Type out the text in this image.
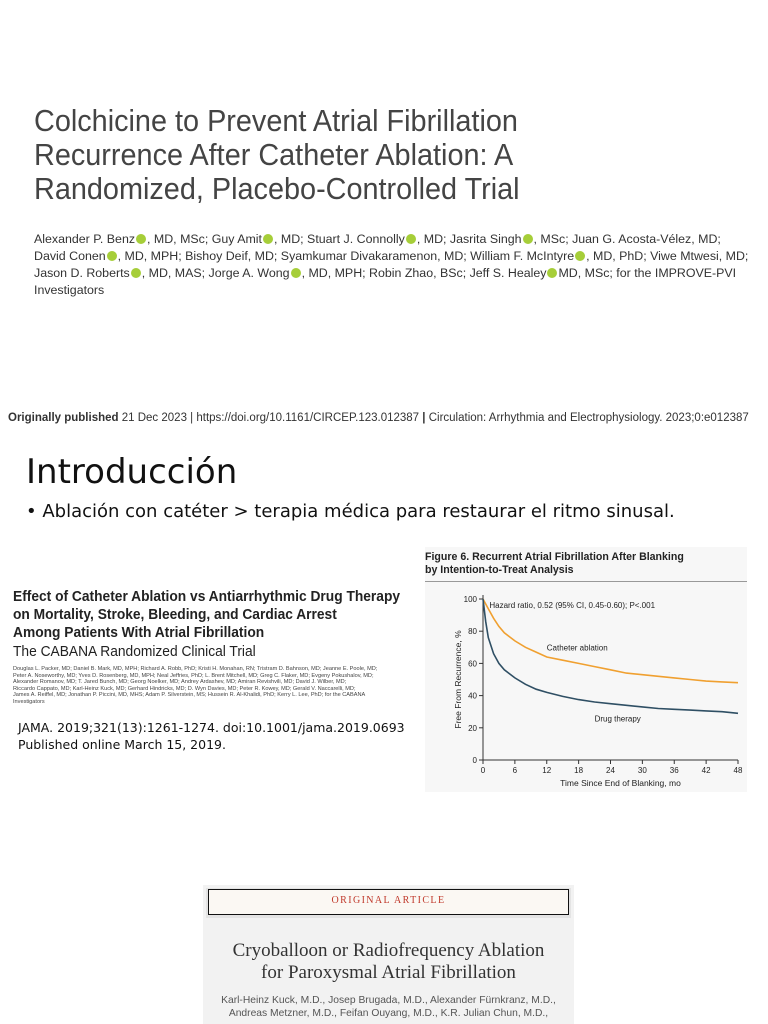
Colchicine to Prevent Atrial Fibrillation
Recurrence After Catheter Ablation: A
Randomized, Placebo-Controlled Trial
Alexander P. Benz , MD, MSc; Guy Amit , MD; Stuart J. Connolly , MD; Jasrita Singh , MSc; Juan G. Acosta-Vélez, MD;
David Conen , MD, MPH; Bishoy Deif, MD; Syamkumar Divakaramenon, MD; William F. McIntyre , MD, PhD; Viwe Mtwesi, MD;
Jason D. Roberts , MD, MAS; Jorge A. Wong , MD, MPH; Robin Zhao, BSc; Jeff S. Healey MD, MSc; for the IMPROVE-PVI
Investigators
Originally published 21 Dec 2023 | https://doi.org/10.1161/CIRCEP.123.012387 | Circulation: Arrhythmia and Electrophysiology. 2023;0:e012387
Introducción
• Ablación con catéter > terapia médica para restaurar el ritmo sinusal.
Effect of Catheter Ablation vs Antiarrhythmic Drug Therapy
on Mortality, Stroke, Bleeding, and Cardiac Arrest
Among Patients With Atrial Fibrillation
The CABANA Randomized Clinical Trial
Douglas L. Packer, MD; Daniel B. Mark, MD, MPH; Richard A. Robb, PhD; Kristi H. Monahan, RN; Tristram D. Bahnson, MD; Jeanne E. Poole, MD;
Peter A. Noseworthy, MD; Yves D. Rosenberg, MD, MPH; Neal Jeffries, PhD; L. Brent Mitchell, MD; Greg C. Flaker, MD; Evgeny Pokushalov, MD;
Alexander Romanov, MD; T. Jared Bunch, MD; Georg Noelker, MD; Andrey Ardashev, MD; Amiran Revishvili, MD; David J. Wilber, MD;
Riccardo Cappato, MD; Karl-Heinz Kuck, MD; Gerhard Hindricks, MD; D. Wyn Davies, MD; Peter R. Kowey, MD; Gerald V. Naccarelli, MD;
James A. Reiffel, MD; Jonathan P. Piccini, MD, MHS; Adam P. Silverstein, MS; Hussein R. Al-Khalidi, PhD; Kerry L. Lee, PhD; for the CABANA Investigators
JAMA. 2019;321(13):1261-1274. doi:10.1001/jama.2019.0693
Published online March 15, 2019.
Figure 6. Recurrent Atrial Fibrillation After Blanking
by Intention-to-Treat Analysis
0
20
40
60
80
100
0	6	12	18	24	30	36	42	48
Time Since End of Blanking, mo
Free From Recurrence, %	Catheter ablation
Drug therapy
Hazard ratio, 0.52 (95% CI, 0.45-0.60); P<.001
ORIGINAL ARTICLE
Cryoballoon or Radiofrequency Ablation
for Paroxysmal Atrial Fibrillation
Karl-Heinz Kuck, M.D., Josep Brugada, M.D., Alexander Fürnkranz, M.D.,
Andreas Metzner, M.D., Feifan Ouyang, M.D., K.R. Julian Chun, M.D.,
